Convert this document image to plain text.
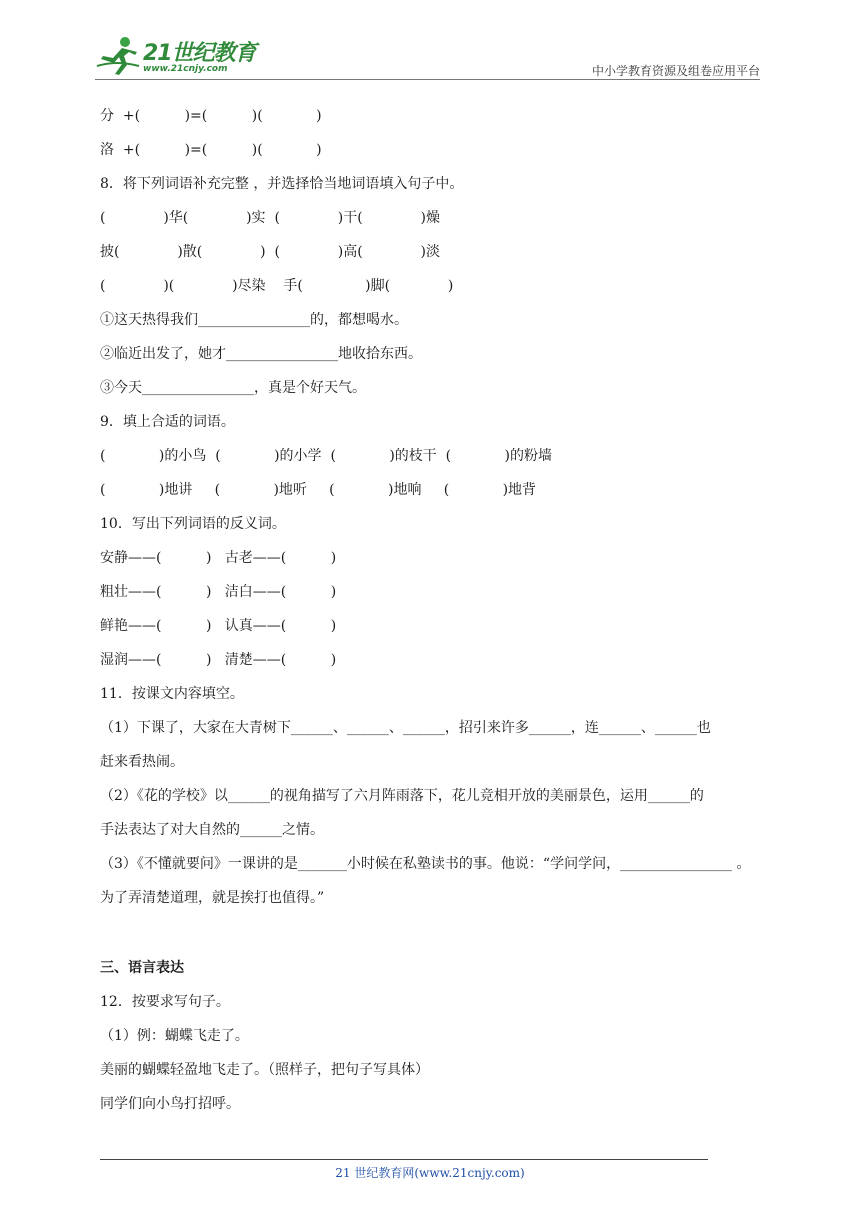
21世纪教育
www.21cnjy.com	中小学教育资源及组卷应用平台
分  +(          )=(          )(            )
洛  +(          )=(          )(            )
8．将下列词语补充完整 ，并选择恰当地词语填入句子中。
(             )华(             )实  (             )干(             )燥
披(             )散(             )  (             )高(             )淡
(             )(             )尽染    手(              )脚(             )
①这天热得我们________________的，都想喝水。
②临近出发了，她才________________地收拾东西。
③今天________________，真是个好天气。
9．填上合适的词语。
(            )的小鸟  (            )的小学  (            )的枝干  (            )的粉墙
(            )地讲     (            )地听     (            )地响     (            )地背
10．写出下列词语的反义词。
安静——(          )   古老——(          )
粗壮——(          )   洁白——(          )
鲜艳——(          )   认真——(          )
湿润——(          )   清楚——(          )
11．按课文内容填空。
（1）下课了，大家在大青树下______、______、______，招引来许多______，连______、______也
赶来看热闹。
（2）《花的学校》以______的视角描写了六月阵雨落下，花儿竞相开放的美丽景色，运用______的
手法表达了对大自然的______之情。
（3）《不懂就要问》一课讲的是_______小时候在私塾读书的事。他说：“学问学问，________________ 。
为了弄清楚道理，就是挨打也值得。”
三、语言表达
12．按要求写句子。
（1）例：蝴蝶飞走了。
美丽的蝴蝶轻盈地飞走了。（照样子，把句子写具体）
同学们向小鸟打招呼。
21 世纪教育网(www.21cnjy.com)
